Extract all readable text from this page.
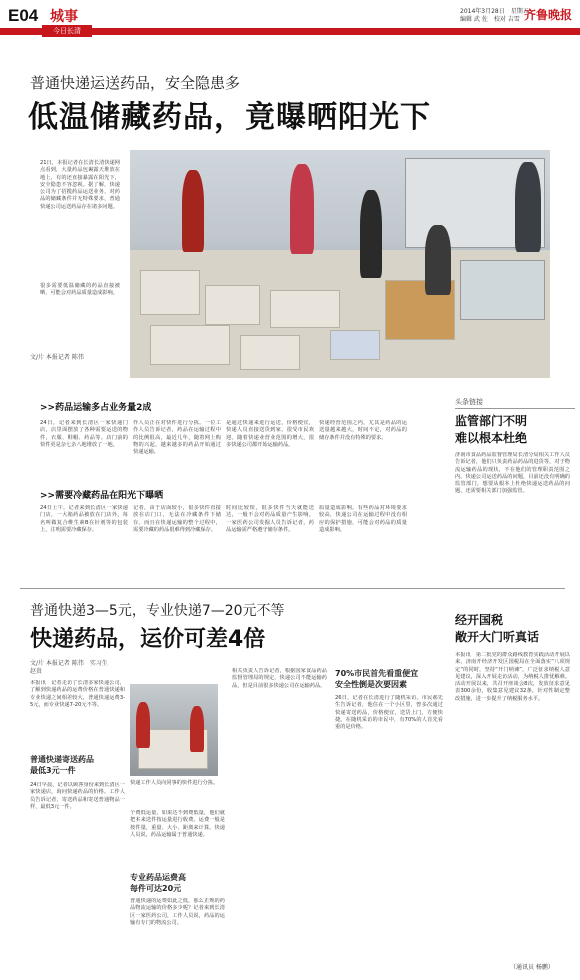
E04 城事
今日长清
2014年3月28日　星期五
编辑 武 佐　校对 吉雪 齐鲁晚报
普通快递运送药品，安全隐患多
低温储藏药品，竟曝晒阳光下
21日，本报记者在长清长清快递网点看到，大量药品包裹露天堆放在地上，有的还直接暴露在阳光下，安全隐患不容忽视。据了解，快递公司为了招揽药品运送业务，对药品的储藏条件并无特殊要求，普通快递公司运送药品存在诸多问题。
很多需要低温储藏的药品直接被晒，可能会对药品质量造成影响。
文/片 本报记者 陈伟
>>药品运输多占业务量2成
24日，记者来到长清区一家快递门店，店里面摆放了各种需要运送的物件，衣服、鞋帽、药品等。店门前的快件更是杂七杂八地堆放了一地。
作人员正在对快件进行分拣。一位工作人员告诉记者，药品在运输过程中的比例很高，最近几年，随着网上购物的兴起，越来越多的药品开始通过快递运输。
是通过快递来进行运送，价格便宜，快递人员直接送货到家，很受市民欢迎。随着快递业营业范围的增大，很多快递公司都开始运输药品。
快递经营范围之内，尤其是药品的运送量越来越大，时间不定，对药品的储存条件并没有特殊的要求。
>>需要冷藏药品在阳光下曝晒
24日上午，记者来到长清区一家快递门店，一大箱药品被放在门店外。每名叫做复合维生素B在针剂等的包装上，注明需要冷藏保存。
记者，由于店面较小，很多快件直接放在店门口，无法在冷藏条件下储存。而且在快递运输的整个过程中，需要冷藏的药品很难得到冷藏保存。
时间比较短，很多快件当天就能送达，一般不会对药品质量产生影响。一家医药公司发掘人员告诉记者，药品运输需严格遵守储存条件。
质量造成影响。有些药品对环境要求较高，快递公司在运输过程中没有相应的保护措施，可能会对药品的质量造成影响。
头条链接
监管部门不明
难以根本杜绝
济南市食品药品监督管理局长清分局相关工作人员告诉记者，他们只负责药品药品的进货等，对于物流运输药品的现状，不在他们的管理职责范围之内。快递公司运送药品的问题，目前还没有明确的监管部门，想要从根本上杜绝快递运送药品的问题，还需要相关部门加强监管。
普通快递3—5元，专业快递7—20元不等
快递药品，运价可差4倍
文/片 本报记者 陈伟　实习生 赵贵
本报讯　记者走访了长清多家快递公司，了解到快递药品的运费价格在普通快递和专业快递之间相差较大，普通快递运费3-5元，而专业快递7-20元不等。
普通快递寄送药品
最低3元一件
24日早晨，记者以顾客身份来到长清区一家快递店，询问快递药品的价格。工作人员告诉记者，寄送药品和寄送普通物品一样，最低3元一件。
快递工作人员向同事的快件进行分拣。
个费低运量，如果达不到费低量，他们就把本来送件按运量进行收费。运费一般是按件量，重量、大小、距离来计算。快递人员说，药品运输属于普通快递。
专业药品运费高
每件可达20元
普通快递的运费如此之低，那么正规的药品物流运输的价格多少呢？记者来到长清区一家医药公司，工作人员说，药品的运输有专门的物流公司。
相关负责人告诉记者，根据国家食品药品监督管理局的规定，快递公司不能运输药品，但是目前很多快递公司在运输药品。
70%市民首先看重便宜
安全性倒是次要因素
26日，记者在长清进行了随机采访。市民郝先生告诉记者，他住在一个小区里，曾多次通过快递寄送药品，价格便宜，送货上门，方便快捷。在随机采访的市民中，有70%的人首先看重的是价格。
经开国税
敞开大门听真话
本报讯　第二批党的群众路线教育实践活动开展以来，济南开经济开发区国税局在全面落实“八项规定”的同时，坚持“开门纳谏”，广泛征求纳税人意见建议，深入开展走访活动，为纳税人排忧解难。活动开展以来，共召开座谈会8次，发放征求意见表300余份，收集意见建议32条，针对性制定整改措施，进一步提升了纳税服务水平。
（通讯员 杨鹏）
